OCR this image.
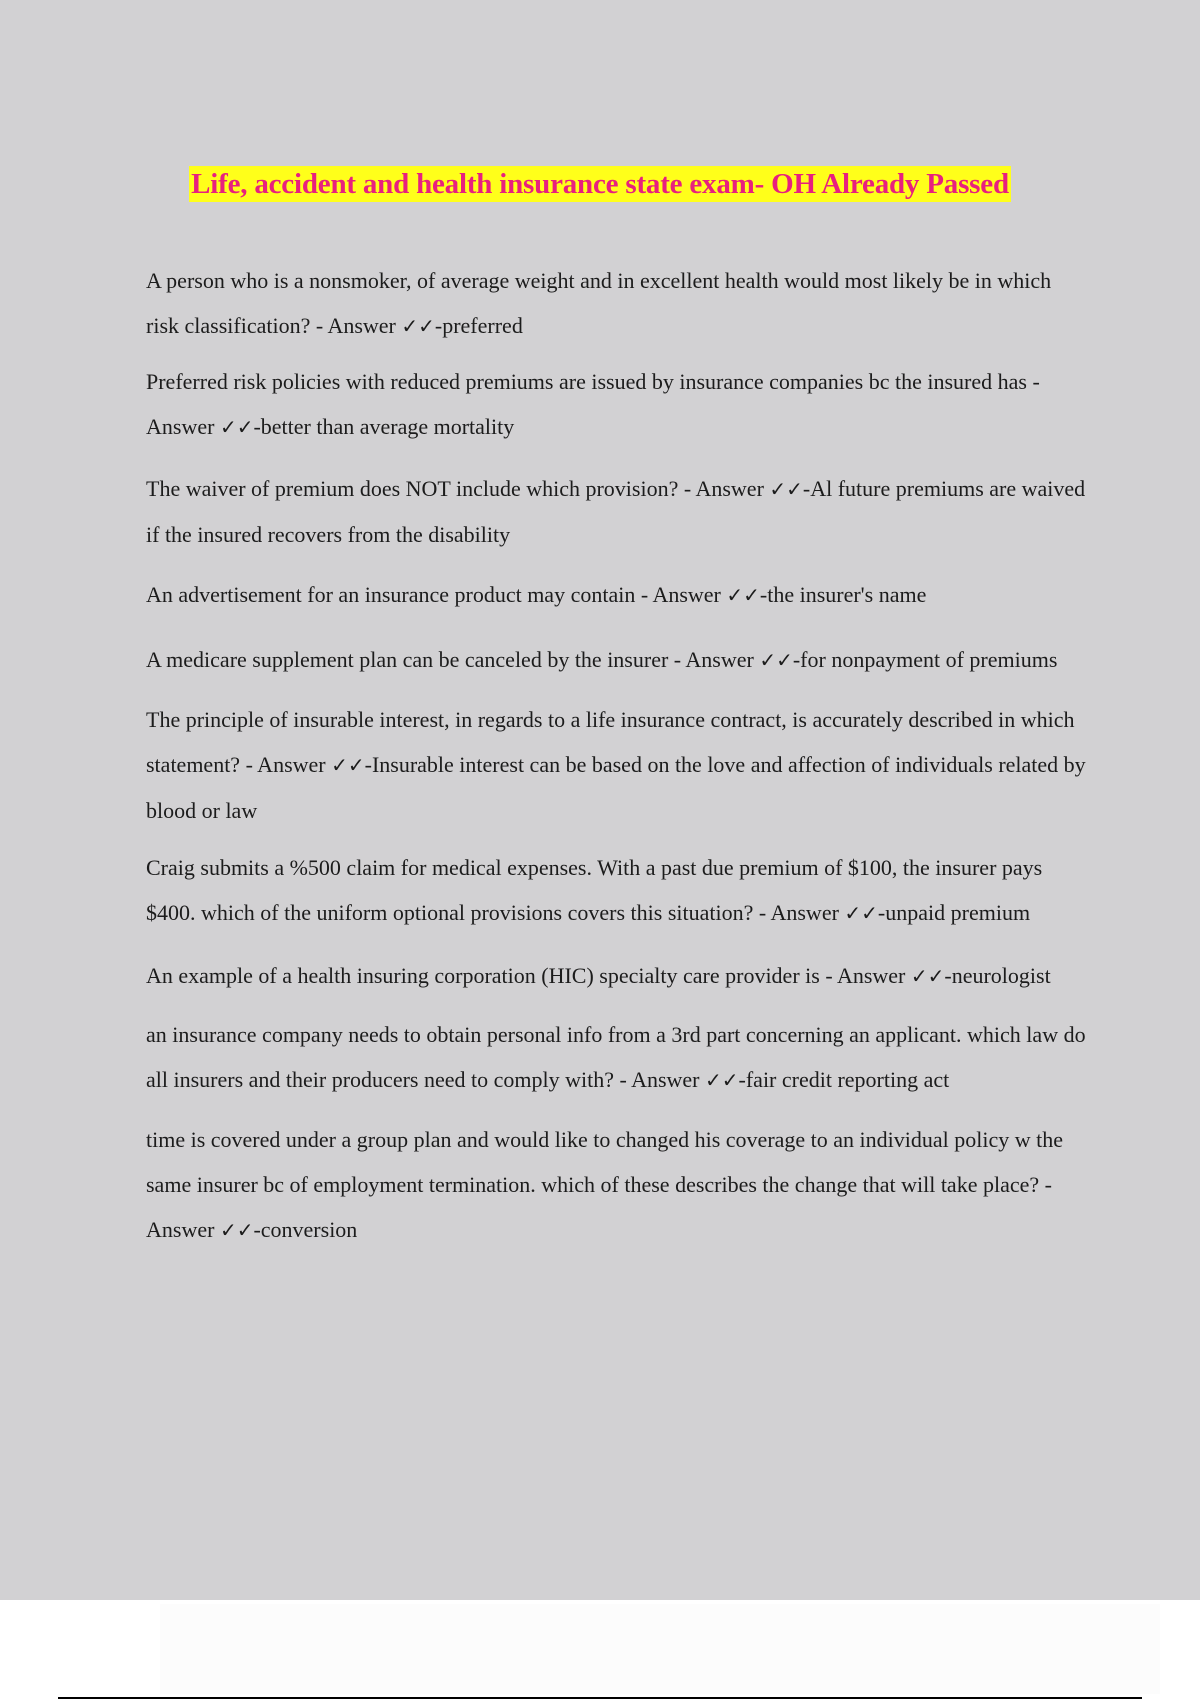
Life, accident and health insurance state exam- OH Already Passed

A person who is a nonsmoker, of average weight and in excellent health would most likely be in which risk classification? - Answer ✓✓-preferred

Preferred risk policies with reduced premiums are issued by insurance companies bc the insured has - Answer ✓✓-better than average mortality

The waiver of premium does NOT include which provision? - Answer ✓✓-Al future premiums are waived if the insured recovers from the disability

An advertisement for an insurance product may contain - Answer ✓✓-the insurer's name

A medicare supplement plan can be canceled by the insurer - Answer ✓✓-for nonpayment of premiums

The principle of insurable interest, in regards to a life insurance contract, is accurately described in which statement? - Answer ✓✓-Insurable interest can be based on the love and affection of individuals related by blood or law

Craig submits a %500 claim for medical expenses. With a past due premium of $100, the insurer pays $400. which of the uniform optional provisions covers this situation? - Answer ✓✓-unpaid premium

An example of a health insuring corporation (HIC) specialty care provider is - Answer ✓✓-neurologist

an insurance company needs to obtain personal info from a 3rd part concerning an applicant. which law do all insurers and their producers need to comply with? - Answer ✓✓-fair credit reporting act

time is covered under a group plan and would like to changed his coverage to an individual policy w the same insurer bc of employment termination. which of these describes the change that will take place? - Answer ✓✓-conversion
